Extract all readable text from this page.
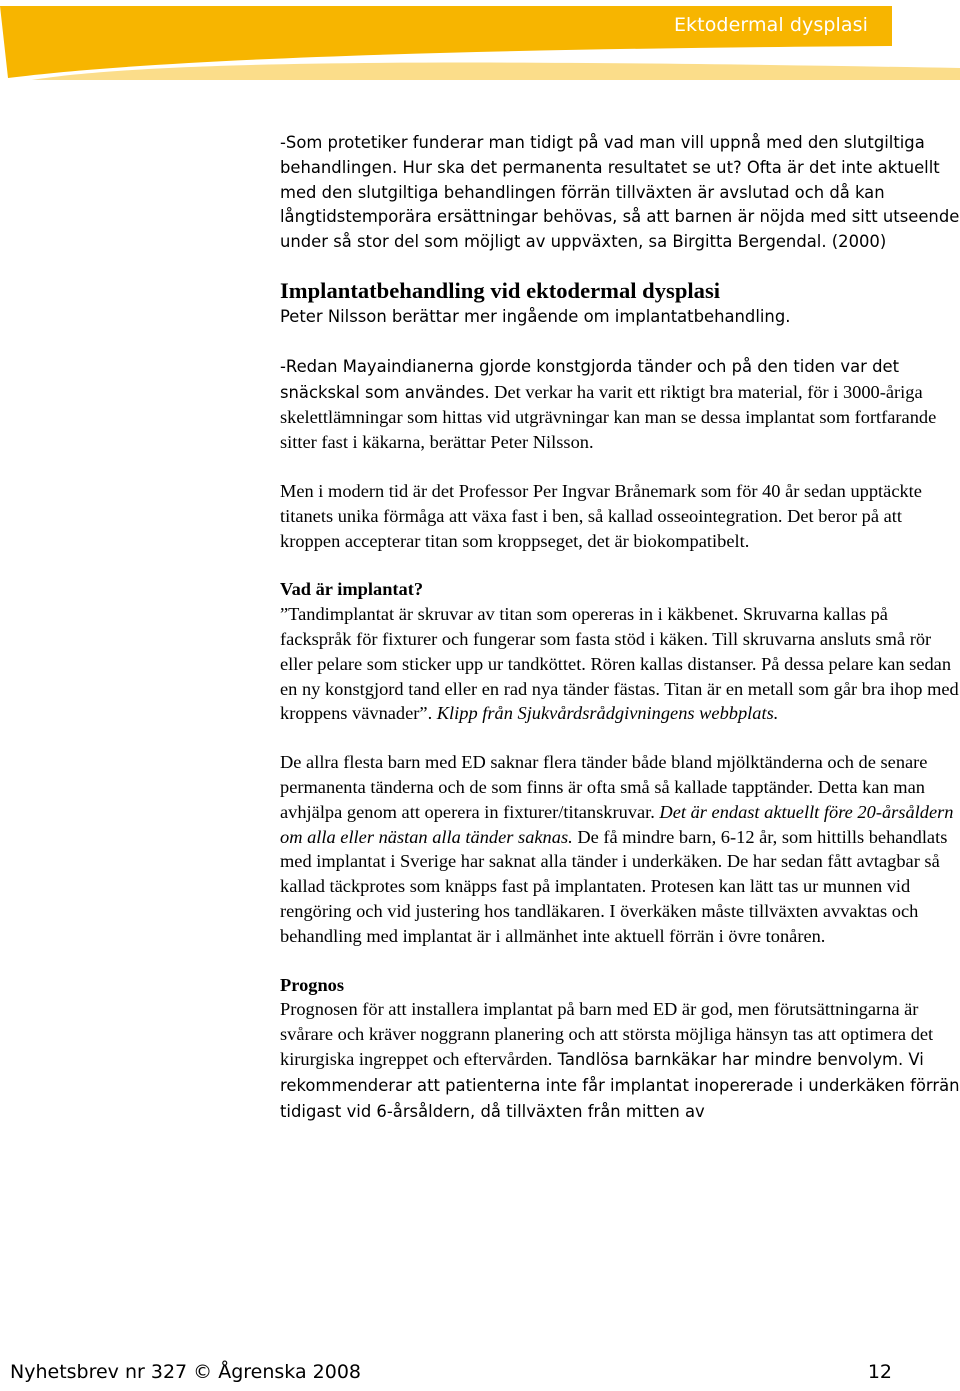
Ektodermal dysplasi

-Som protetiker funderar man tidigt på vad man vill uppnå med den slutgiltiga behandlingen. Hur ska det permanenta resultatet se ut? Ofta är det inte aktuellt med den slutgiltiga behandlingen förrän tillväxten är avslutad och då kan långtidstemporära ersättningar behövas, så att barnen är nöjda med sitt utseende under så stor del som möjligt av uppväxten, sa Birgitta Bergendal. (2000)

Implantatbehandling vid ektodermal dysplasi

Peter Nilsson berättar mer ingående om implantatbehandling.

-Redan Mayaindianerna gjorde konstgjorda tänder och på den tiden var det snäckskal som användes. Det verkar ha varit ett riktigt bra material, för i 3000-åriga skelettlämningar som hittas vid utgrävningar kan man se dessa implantat som fortfarande sitter fast i käkarna, berättar Peter Nilsson.

Men i modern tid är det Professor Per Ingvar Brånemark som för 40 år sedan upptäckte titanets unika förmåga att växa fast i ben, så kallad osseointegration. Det beror på att kroppen accepterar titan som kroppseget, det är biokompatibelt.

Vad är implantat?

”Tandimplantat är skruvar av titan som opereras in i käkbenet. Skruvarna kallas på fackspråk för fixturer och fungerar som fasta stöd i käken. Till skruvarna ansluts små rör eller pelare som sticker upp ur tandköttet. Rören kallas distanser. På dessa pelare kan sedan en ny konstgjord tand eller en rad nya tänder fästas. Titan är en metall som går bra ihop med kroppens vävnader”. Klipp från Sjukvårdsrådgivningens webbplats.

De allra flesta barn med ED saknar flera tänder både bland mjölktänderna och de senare permanenta tänderna och de som finns är ofta små så kallade tapptänder. Detta kan man avhjälpa genom att operera in fixturer/titanskruvar. Det är endast aktuellt före 20-årsåldern om alla eller nästan alla tänder saknas. De få mindre barn, 6-12 år, som hittills behandlats med implantat i Sverige har saknat alla tänder i underkäken. De har sedan fått avtagbar så kallad täckprotes som knäpps fast på implantaten. Protesen kan lätt tas ur munnen vid rengöring och vid justering hos tandläkaren. I överkäken måste tillväxten avvaktas och behandling med implantat är i allmänhet inte aktuell förrän i övre tonåren.

Prognos

Prognosen för att installera implantat på barn med ED är god, men förutsättningarna är svårare och kräver noggrann planering och att största möjliga hänsyn tas att optimera det kirurgiska ingreppet och eftervården. Tandlösa barnkäkar har mindre benvolym. Vi rekommenderar att patienterna inte får implantat inopererade i underkäken förrän tidigast vid 6-årsåldern, då tillväxten från mitten av

Nyhetsbrev nr 327 © Ågrenska 2008	12
